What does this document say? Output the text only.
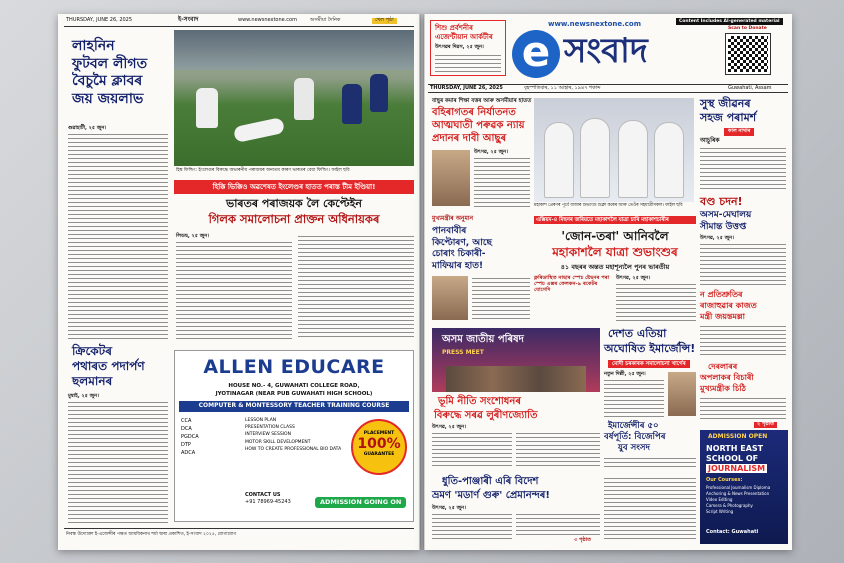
THURSDAY, JUNE 26, 2025	ই-সংবাদ	www.newsnextone.com	অসমীয়া দৈনিক	খেল পৃষ্ঠা
লাহনিন
ফুটবল লীগত
বৈচুমৈ ক্লাবৰ
জয় জয়লাভ
গুৱাহাটী, ২৫ জুন।
হিঙ্ক ফিল্ডিং: ইংলেণ্ডৰ বিৰুদ্ধে অভাৰনীয় পৰাজয়ৰ অন্যতম কাৰণ ভাৰতৰ বেয়া ফিল্ডিং। ফাইল ছবি
হিক্কি ভিক্কিও অৱশেষত ইংলেণ্ডৰ হাতত পৰাস্ত টীম ইণ্ডিয়া!
ভাৰতৰ পৰাজয়ক লৈ কেপ্টেইন
গিলক সমালোচনা প্ৰাক্তন অধিনায়কৰ
লিডছ, ২৫ জুন।
ক্ৰিকেটৰ
পথাৰত পদাৰ্পণ
ছলমানৰ
মুম্বাই, ২৫ জুন।
ALLEN EDUCARE
HOUSE NO.- 4, GUWAHATI COLLEGE ROAD,
JYOTINAGAR (NEAR PUB GUWAHATI HIGH SCHOOL)
COMPUTER & MONTESSORY TEACHER TRAINING COURSE
CCA
DCA
PGDCA
DTP
ADCA
LESSON PLAN
PRESENTATION CLASS
INTERVIEW SESSION
MOTOR SKILL DEVELOPMENT
HOW TO CREATE PROFESSIONAL BIO DATA
PLACEMENT
100%
GUARANTEE
CONTACT US
+91 78969-45243	ADMISSION GOING ON
নিবন্ধ উদ্যোক্তা ই-এজেন্সীৰ পক্ষত আমবিকনাথ শৰ্মা দ্বাৰা প্ৰকাশিত, ই-সংবাদ ২০২৫, যোগাযোগ
শিশু প্ৰৰ্বশনীৰ
এজেণ্টীয়ান আৰ্কটীৰ
উৎসৱৰ দিৱস, ২৫ জুন।
www.newsnextone.com
e সংবাদ
Content Includes AI-generated material
Scan to Donate
THURSDAY, JUNE 26, 2025	বৃহস্পতিবাৰ, ১১ আহাৰ, ১৯৪৭ শকাব্দ	Guwahati, Assam
বাছুৰ কমাৰ শিক্ষা বত্তৰ আৰু অসমীয়াৰ হাতত
বহিৰাগতৰ নিৰ্যাতনত
আত্মঘাতী পৰুৱক ন্যায়
প্ৰদানৰ দাবী আছুৰ
উৎসৱ, ২৫ জুন।
মহাকাশ প্ৰেৰণৰ পূৰ্বে বাজাৰ শুভাংশু শুক্লা কৰেৰ আৰু তেওঁৰ সহযাত্ৰীসকল। ফাইল ছবি
সুস্থ জীৱনৰ
সহজ পৰামৰ্শ
কাল নাথাৰ
আচুৰিক
বণ্ড চদন!
অসম-মেঘালয়
সীমান্ত উত্তপ্ত
উৎসৱ, ২৫ জুন।
ন প্ৰতিশ্ৰুতিৰ
ৰাজাহুৱাৰ কাজত
মন্ত্ৰী জয়ন্তমল্লা
দেৰলাৰৰ
অপলাকৰ বিচাৰী
মুখ্যমন্ত্ৰীক চিঠি
২ পৃষ্ঠাত
মুখ্যমন্ত্ৰীৰ অনুমান
পানবাবীৰ
কিপ্টোৰণ, আছে
চোৰাং চিকাৰী-
মাফিয়াৰ হাত!
এক্সিয়ম-৪ মিছনৰ জৰিয়তে মহাকাশলৈ যাত্ৰা চাৰি মহাকাশচাৰীৰ
'জোন-তৰা' আনিবলৈ
মহাকাশলৈ যাত্ৰা শুভাংশুৰ
৪১ বছৰৰ অন্তত মহাশূন্যলৈ পুনৰ ভাৰতীয়
ফ্লৰিডাস্থিত নাছাৰ স্পেচ ষ্টেছনৰ পৰা স্পেচ এক্সৰ ফেলকন-৯ ৰকেটৰ যোগেদি
উৎসৱ, ২৫ জুন।
অসম জাতীয় পৰিষদ
PRESS MEET
দেশত এতিয়া
অঘোষিত ইমাৰ্জেন্সি!
মোদী চৰকাৰক সমালোচনা খাৰ্গেৰ
নতুন দিল্লী, ২৫ জুন।
ভূমি নীতি সংশোধনৰ
বিৰুদ্ধে সৰৱ লুৰীণজ্যোতি
উৎসৱ, ২৫ জুন।	ইমাৰ্জেন্সীৰ ৫০
বৰ্ষপূৰ্তি: বিজেপিৰ
যুব সংসদ
ধুতি-পাঞ্জাৰী এৰি বিদেশ
ভ্ৰমণ 'মডাৰ্ণ গুৰু' প্ৰেমানন্দৰ!
উৎসৱ, ২৫ জুন।
৩ পৃষ্ঠাত
ADMISSION OPEN
NORTH EAST
SCHOOL OF
JOURNALISM
Our Courses:
Professional Journalism Diploma
Anchoring & News Presentation
Video Editing
Camera & Photography
Script Writing
Contact: Guwahati
